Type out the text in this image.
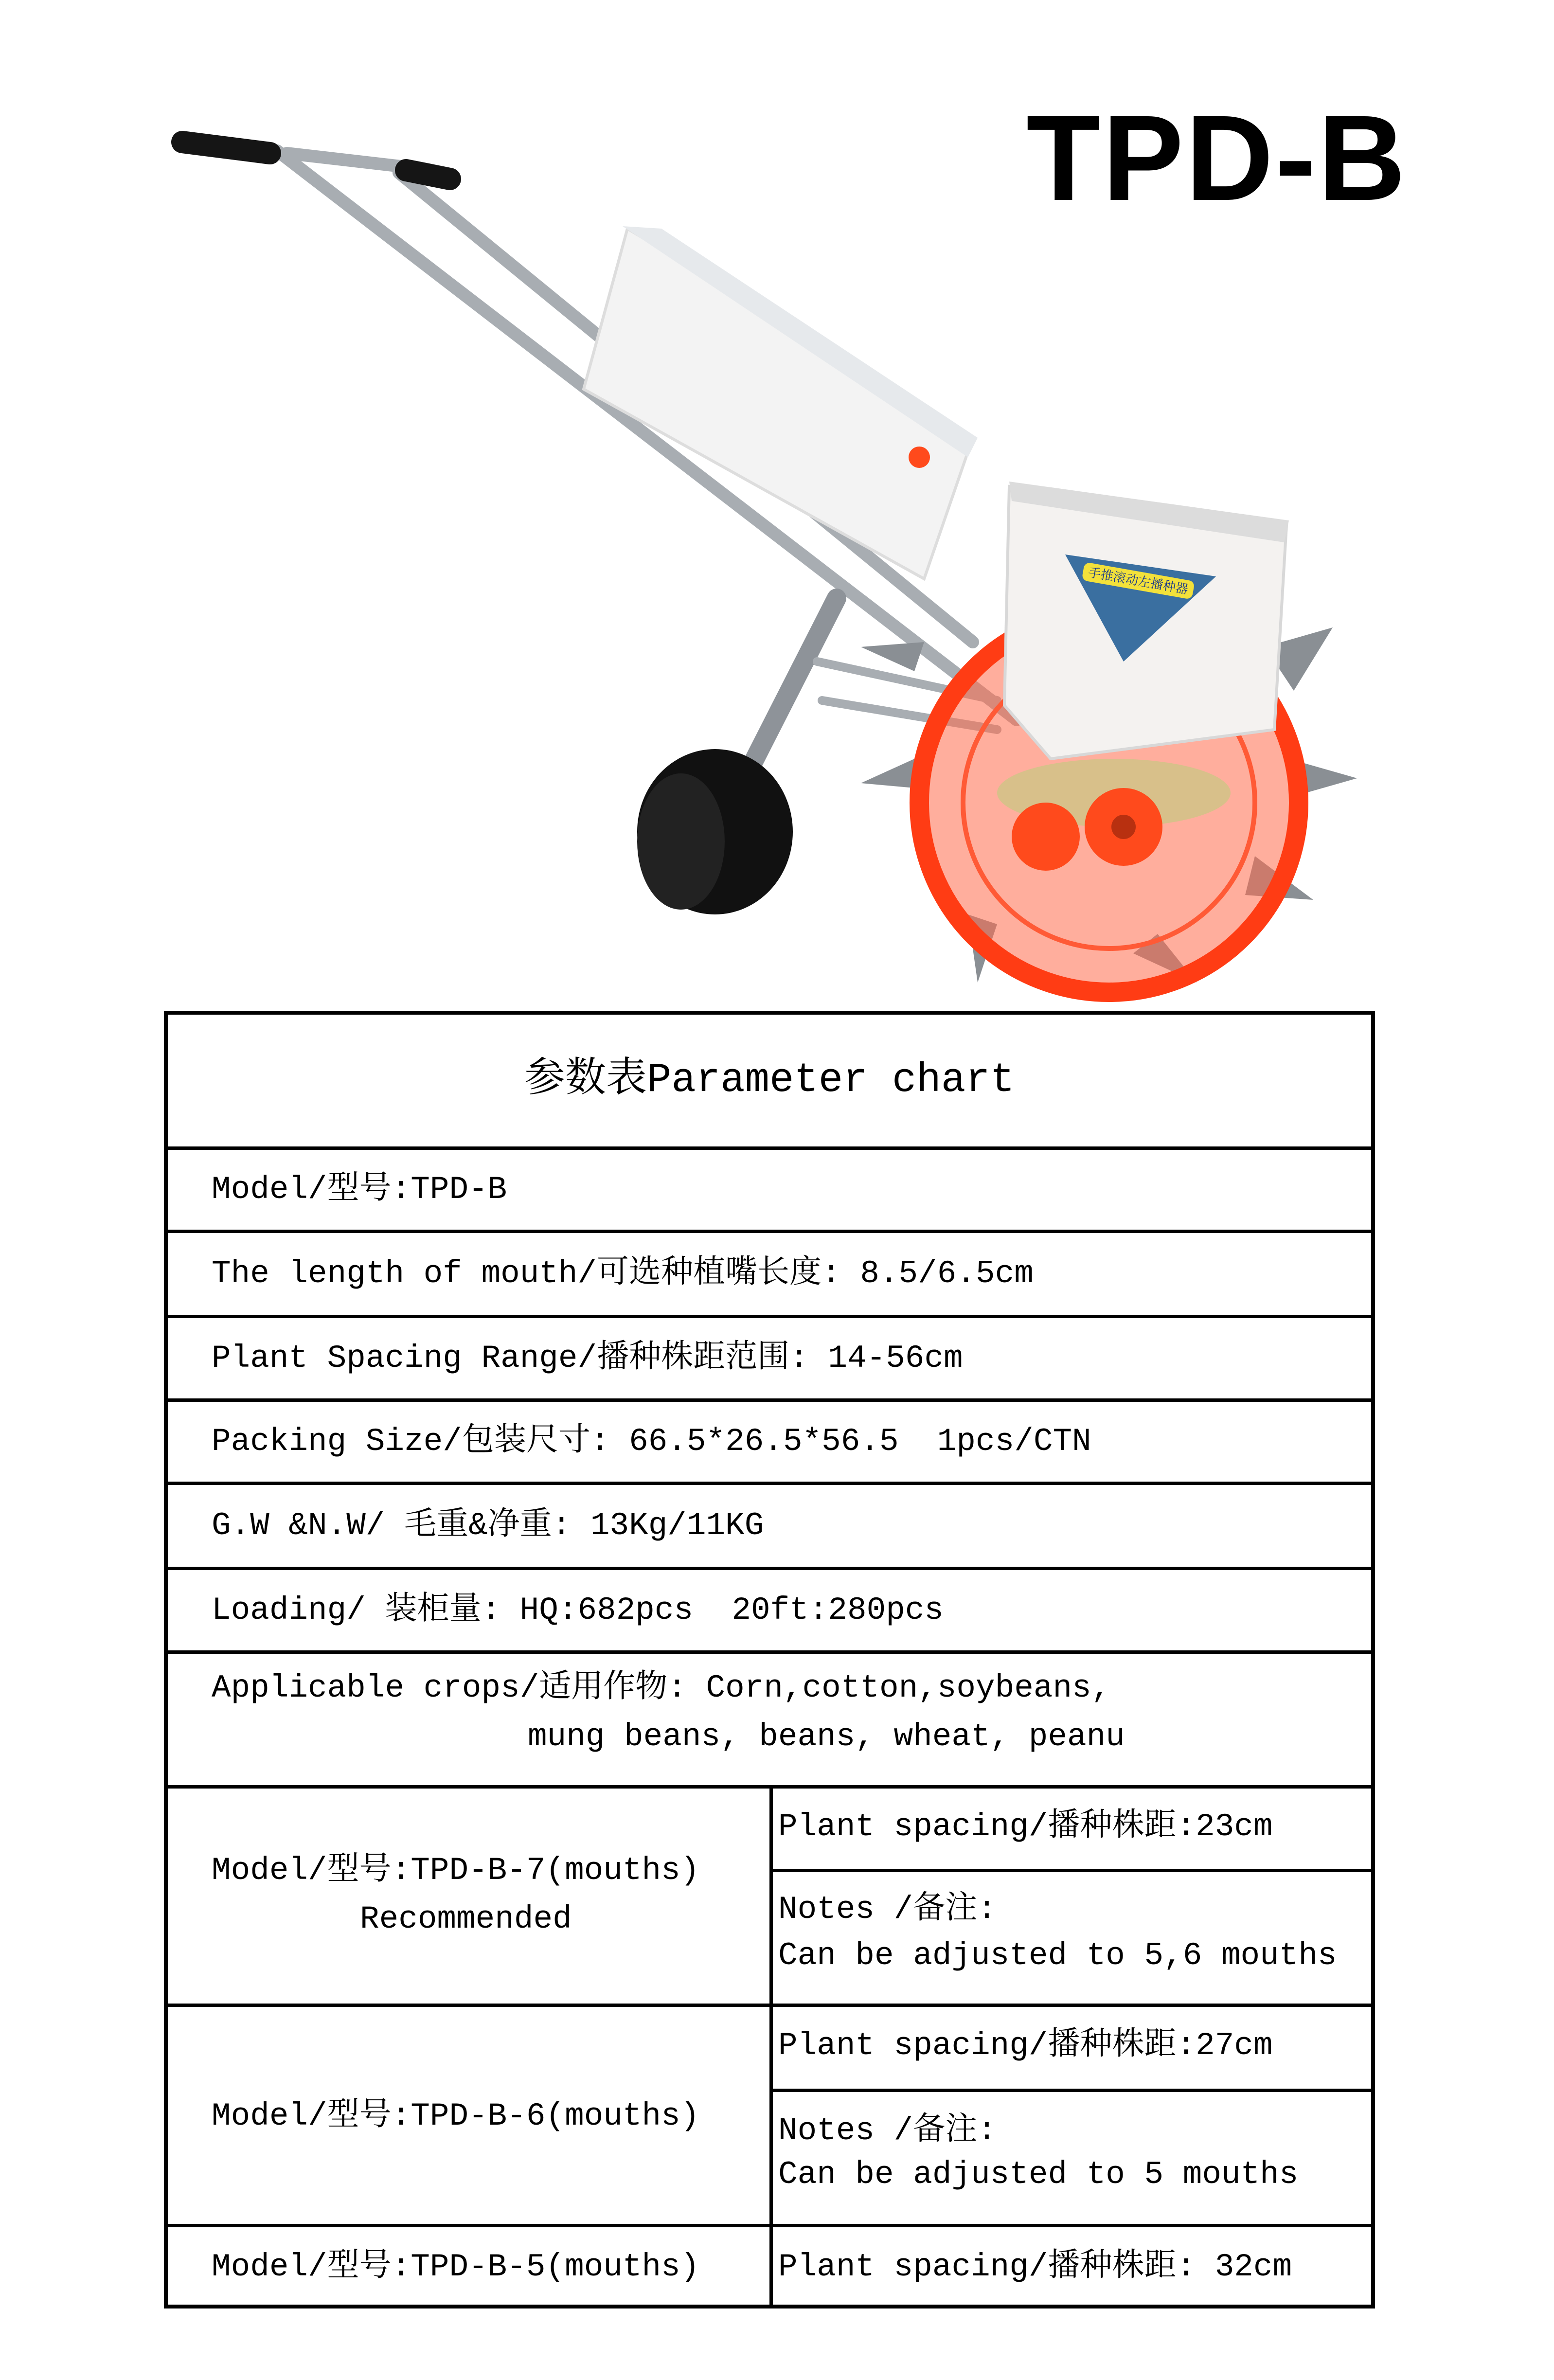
TPD-B
手推滚动左播种器
参数表Parameter chart
Model/型号:TPD-B
The length of mouth/可选种植嘴长度: 8.5/6.5cm
Plant Spacing Range/播种株距范围: 14-56cm
Packing Size/包装尺寸: 66.5*26.5*56.5  1pcs/CTN
G.W &N.W/ 毛重&净重: 13Kg/11KG
Loading/ 装柜量: HQ:682pcs  20ft:280pcs
Applicable crops/适用作物: Corn,cotton,soybeans,
mung beans, beans, wheat, peanu
Model/型号:TPD-B-7(mouths)
Recommended
Plant spacing/播种株距:23cm
Notes /备注:
Can be adjusted to 5,6 mouths
Model/型号:TPD-B-6(mouths)
Plant spacing/播种株距:27cm
Notes /备注:
Can be adjusted to 5 mouths
Model/型号:TPD-B-5(mouths) Plant spacing/播种株距: 32cm
